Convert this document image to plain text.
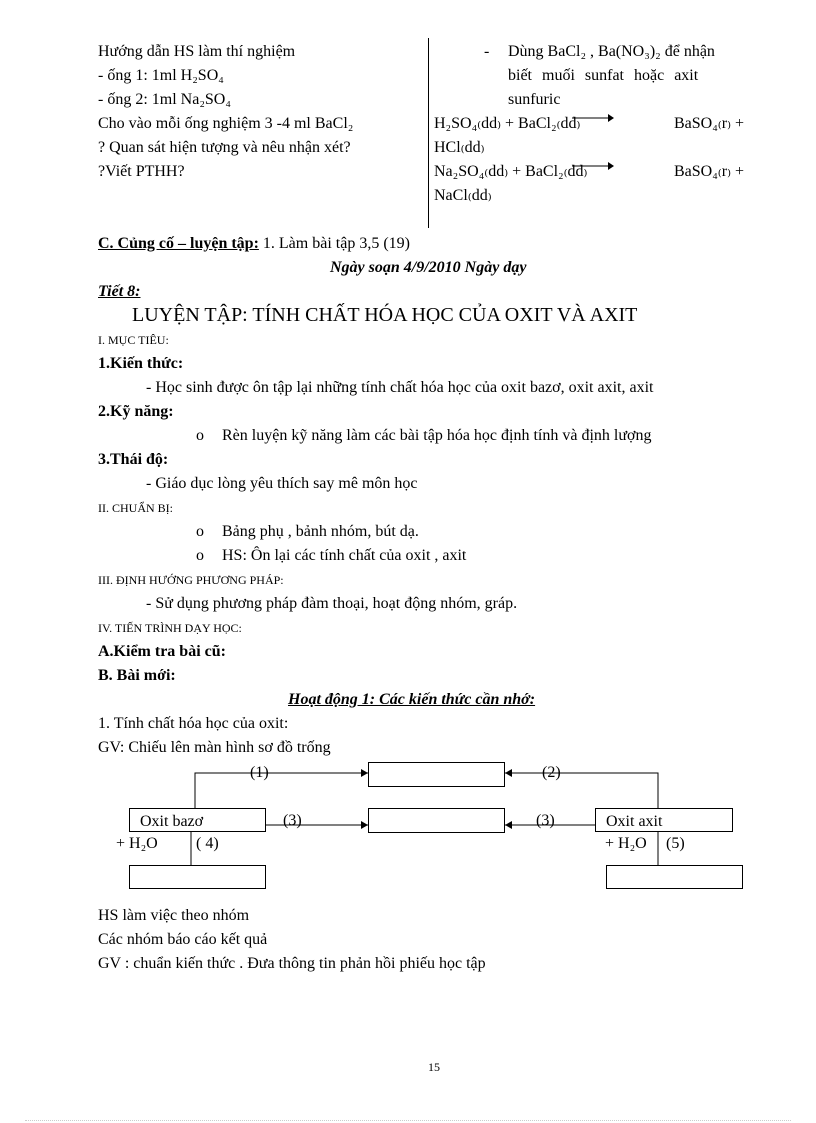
Hướng dẫn HS làm thí nghiệm
- ống 1: 1ml H₂SO₄
- ống 2: 1ml Na₂SO₄
Cho vào mỗi ống nghiệm 3 -4 ml BaCl₂
? Quan sát hiện tượng và nêu nhận xét?
?Viết PTHH?
- Dùng BaCl₂ , Ba(NO₃)₂ để nhận
biết muối sunfat hoặc axit
sunfuric
H₂SO₄₍dd₎ + BaCl₂₍dd₎	BaSO₄₍r₎ +
HCl₍dd₎
Na₂SO₄₍dd₎ + BaCl₂₍dd₎	BaSO₄₍r₎ +
NaCl₍dd₎
C. Củng cố – luyện tập: 1. Làm bài tập 3,5 (19)
Ngày soạn 4/9/2010 Ngày dạy
Tiết 8:
LUYỆN TẬP: TÍNH CHẤT HÓA HỌC CỦA OXIT VÀ AXIT
I. MỤC TIÊU:
1.Kiến thức:
- Học sinh được ôn tập lại những tính chất hóa học của oxit bazơ, oxit axit, axit
2.Kỹ năng:
o Rèn luyện kỹ năng làm các bài tập hóa học định tính và định lượng
3.Thái độ:
- Giáo dục lòng yêu thích say mê môn học
II. CHUẨN BỊ:
o Bảng phụ , bảnh nhóm, bút dạ.
o HS: Ôn lại các tính chất của oxit , axit
III. ĐỊNH HƯỚNG PHƯƠNG PHÁP:
- Sử dụng phương pháp đàm thoại, hoạt động nhóm, gráp.
IV. TIẾN TRÌNH DẠY HỌC:
A.Kiểm tra bài cũ:
B. Bài mới:
Hoạt động 1: Các kiến thức cần nhớ:
1. Tính chất hóa học của oxit:
GV: Chiếu lên màn hình sơ đồ trống
Oxit bazơ	Oxit axit
(1)	(2)
(3)	(3)
+ H₂O ( 4)	+ H₂O (5)
HS làm việc theo nhóm
Các nhóm báo cáo kết quả
GV : chuẩn kiến thức . Đưa thông tin phản hồi phiếu học tập
15
